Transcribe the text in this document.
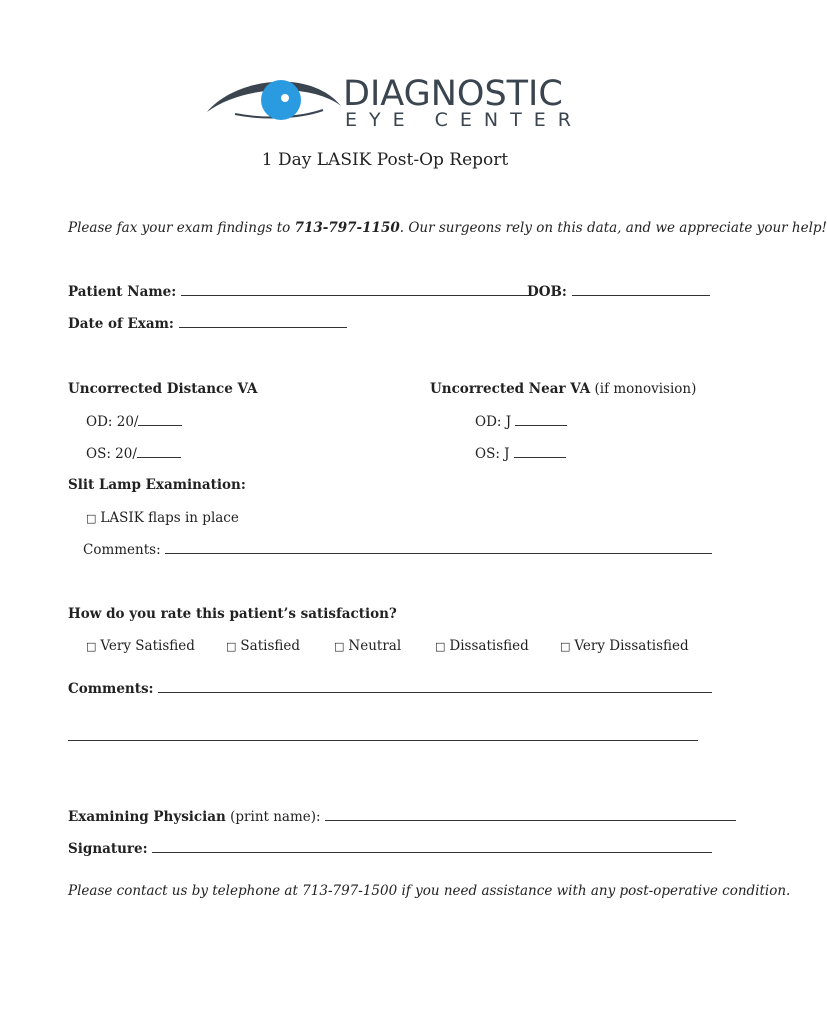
DIAGNOSTIC
EYE CENTER
1 Day LASIK Post-Op Report
Please fax your exam findings to 713-797-1150. Our surgeons rely on this data, and we appreciate your help!
Patient Name:	DOB:
Date of Exam:
Uncorrected Distance VA	Uncorrected Near VA (if monovision)
OD: 20/	OD: J
OS: 20/	OS: J
Slit Lamp Examination:
□ LASIK flaps in place
Comments:
How do you rate this patient’s satisfaction?
□ Very Satisfied	□ Satisfied	□ Neutral	□ Dissatisfied	□ Very Dissatisfied
Comments:
Examining Physician (print name):
Signature:
Please contact us by telephone at 713-797-1500 if you need assistance with any post-operative condition.
